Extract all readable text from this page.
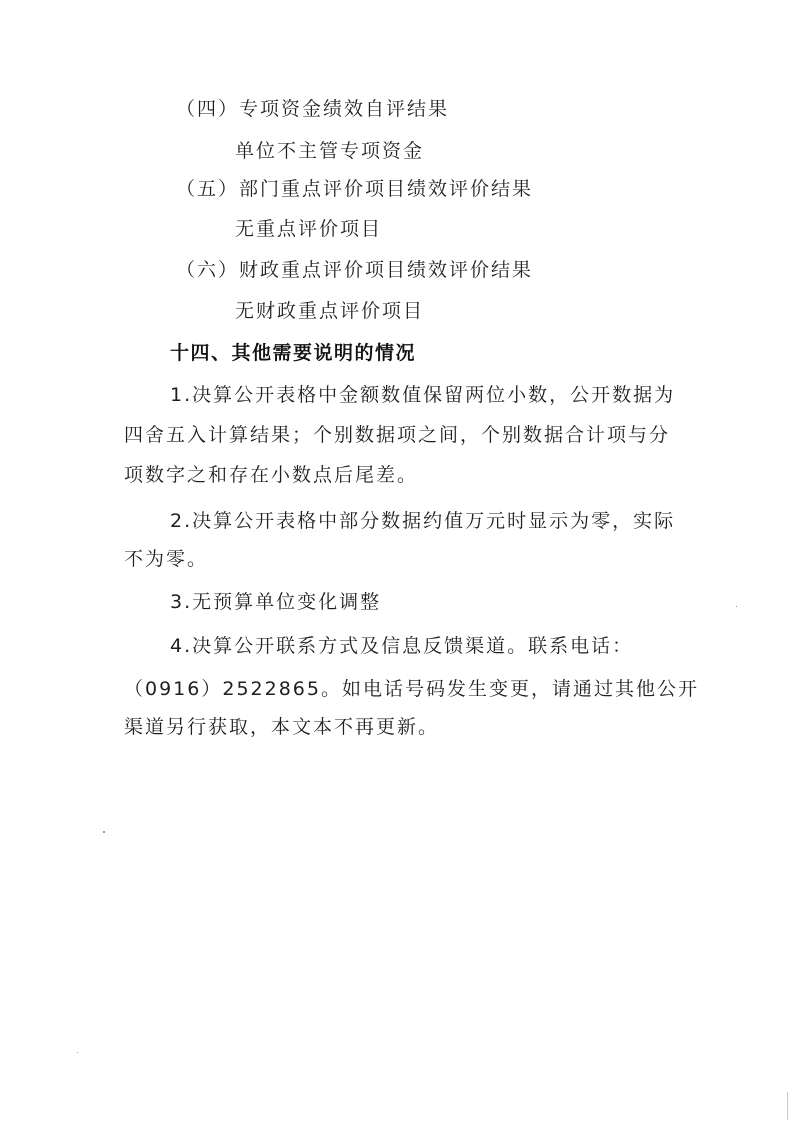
（四）专项资金绩效自评结果
单位不主管专项资金
（五）部门重点评价项目绩效评价结果
无重点评价项目
（六）财政重点评价项目绩效评价结果
无财政重点评价项目
十四、其他需要说明的情况
1.决算公开表格中金额数值保留两位小数，公开数据为
四舍五入计算结果；个别数据项之间，个别数据合计项与分
项数字之和存在小数点后尾差。
2.决算公开表格中部分数据约值万元时显示为零，实际
不为零。
3.无预算单位变化调整
4.决算公开联系方式及信息反馈渠道。联系电话：
（0916）2522865。如电话号码发生变更，请通过其他公开
渠道另行获取，本文本不再更新。
